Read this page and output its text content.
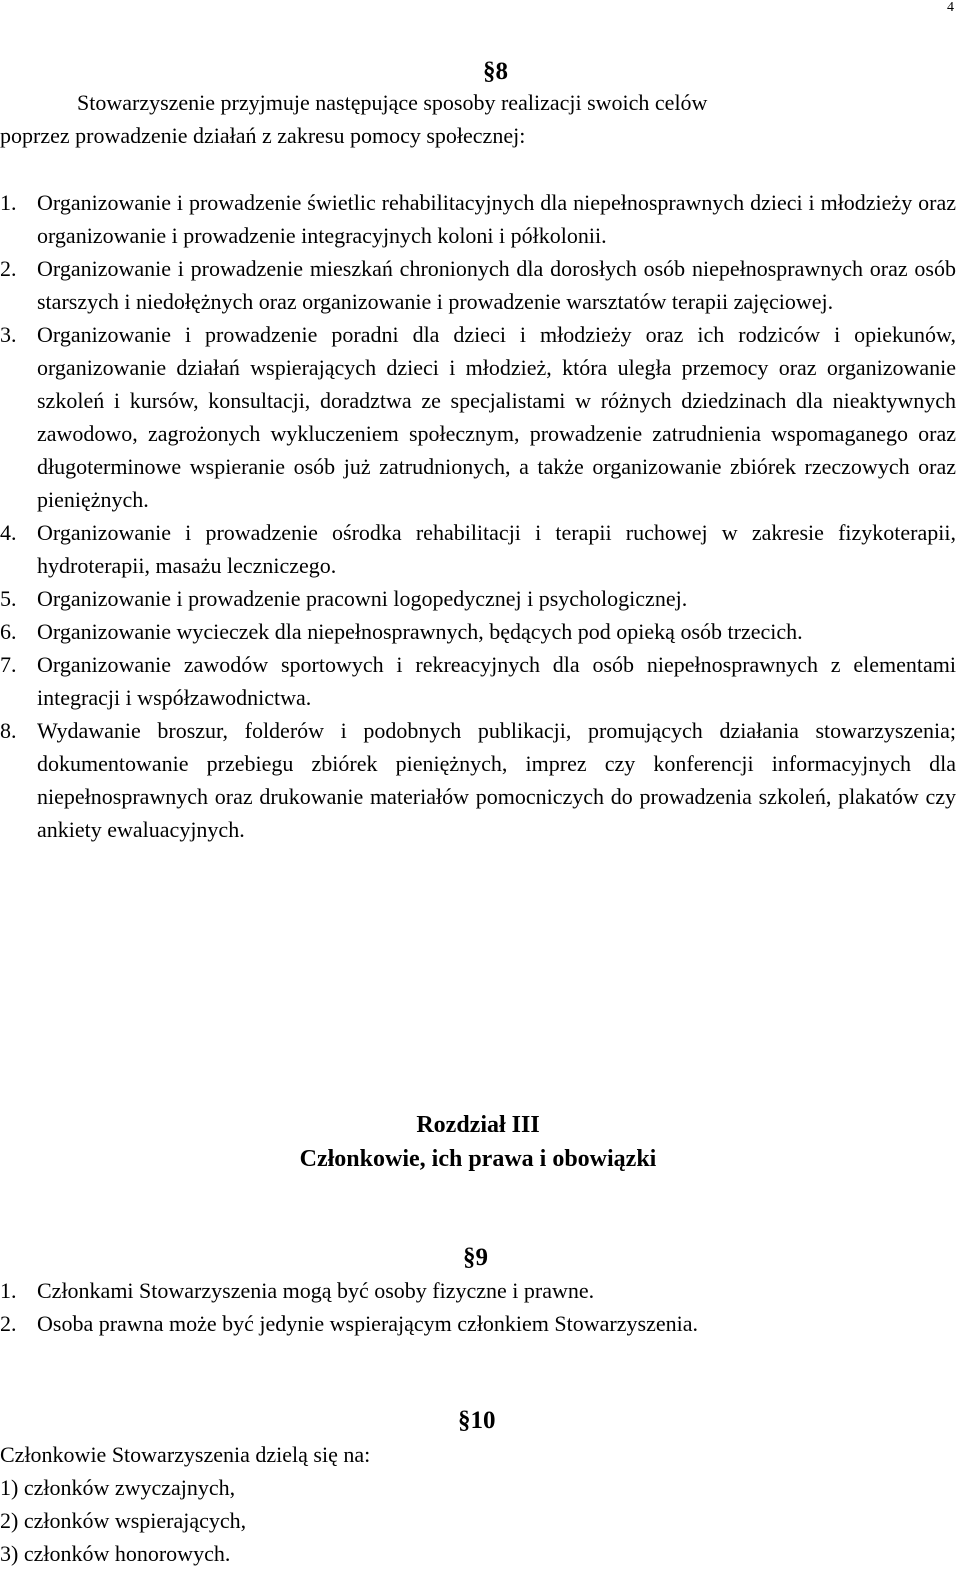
4
§8
Stowarzyszenie przyjmuje następujące sposoby realizacji swoich celów
poprzez prowadzenie działań z zakresu pomocy społecznej:
1. Organizowanie i prowadzenie świetlic rehabilitacyjnych dla niepełnosprawnych dzieci i młodzieży oraz organizowanie i prowadzenie integracyjnych koloni i półkolonii.
2. Organizowanie i prowadzenie mieszkań chronionych dla dorosłych osób niepełnosprawnych oraz osób starszych i niedołężnych oraz organizowanie i prowadzenie warsztatów terapii zajęciowej.
3. Organizowanie i prowadzenie poradni dla dzieci i młodzieży oraz ich rodziców i opiekunów, organizowanie działań wspierających dzieci i młodzież, która uległa przemocy oraz organizowanie szkoleń i kursów, konsultacji, doradztwa ze specjalistami w różnych dziedzinach dla nieaktywnych zawodowo, zagrożonych wykluczeniem społecznym, prowadzenie zatrudnienia wspomaganego oraz długoterminowe wspieranie osób już zatrudnionych, a także organizowanie zbiórek rzeczowych oraz pieniężnych.
4. Organizowanie i prowadzenie ośrodka rehabilitacji i terapii ruchowej w zakresie fizykoterapii, hydroterapii, masażu leczniczego.
5. Organizowanie i prowadzenie pracowni logopedycznej i psychologicznej.
6. Organizowanie wycieczek dla niepełnosprawnych, będących pod opieką osób trzecich.
7. Organizowanie zawodów sportowych i rekreacyjnych dla osób niepełnosprawnych z elementami integracji i współzawodnictwa.
8. Wydawanie broszur, folderów i podobnych publikacji, promujących działania stowarzyszenia; dokumentowanie przebiegu zbiórek pieniężnych, imprez czy konferencji informacyjnych dla niepełnosprawnych oraz drukowanie materiałów pomocniczych do prowadzenia szkoleń, plakatów czy ankiety ewaluacyjnych.
Rozdział III
Członkowie, ich prawa i obowiązki
§9
1. Członkami Stowarzyszenia mogą być osoby fizyczne i prawne.
2. Osoba prawna może być jedynie wspierającym członkiem Stowarzyszenia.
§10
Członkowie Stowarzyszenia dzielą się na:
1) członków zwyczajnych,
2) członków wspierających,
3) członków honorowych.
